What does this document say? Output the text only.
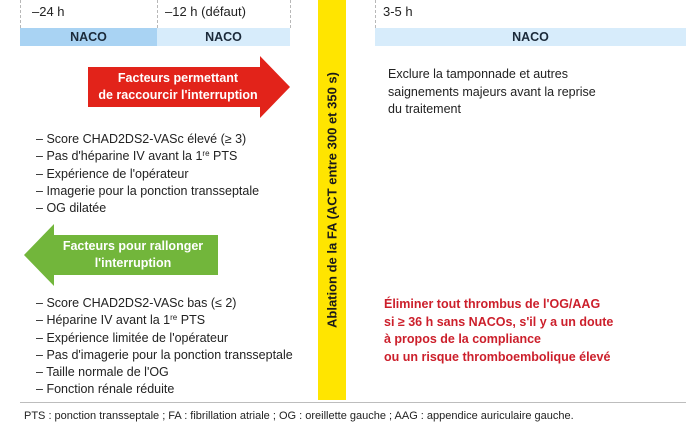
–24 h	–12 h (défaut)	3-5 h
NACO	NACO	NACO
Ablation de la FA (ACT entre 300 et 350 s)
Facteurs permettant
de raccourcir l'interruption
– Score CHAD2DS2-VASc élevé (≥ 3)
– Pas d'héparine IV avant la 1re PTS
– Expérience de l'opérateur
– Imagerie pour la ponction transseptale
– OG dilatée
Facteurs pour rallonger
l'interruption
– Score CHAD2DS2-VASc bas (≤ 2)
– Héparine IV avant la 1re PTS
– Expérience limitée de l'opérateur
– Pas d'imagerie pour la ponction transseptale
– Taille normale de l'OG
– Fonction rénale réduite
Exclure la tamponnade et autres
saignements majeurs avant la reprise
du traitement
Éliminer tout thrombus de l'OG/AAG
si ≥ 36 h sans NACOs, s'il y a un doute
à propos de la compliance
ou un risque thromboembolique élevé
PTS : ponction transseptale ; FA : fibrillation atriale ; OG : oreillette gauche ; AAG : appendice auriculaire gauche.
